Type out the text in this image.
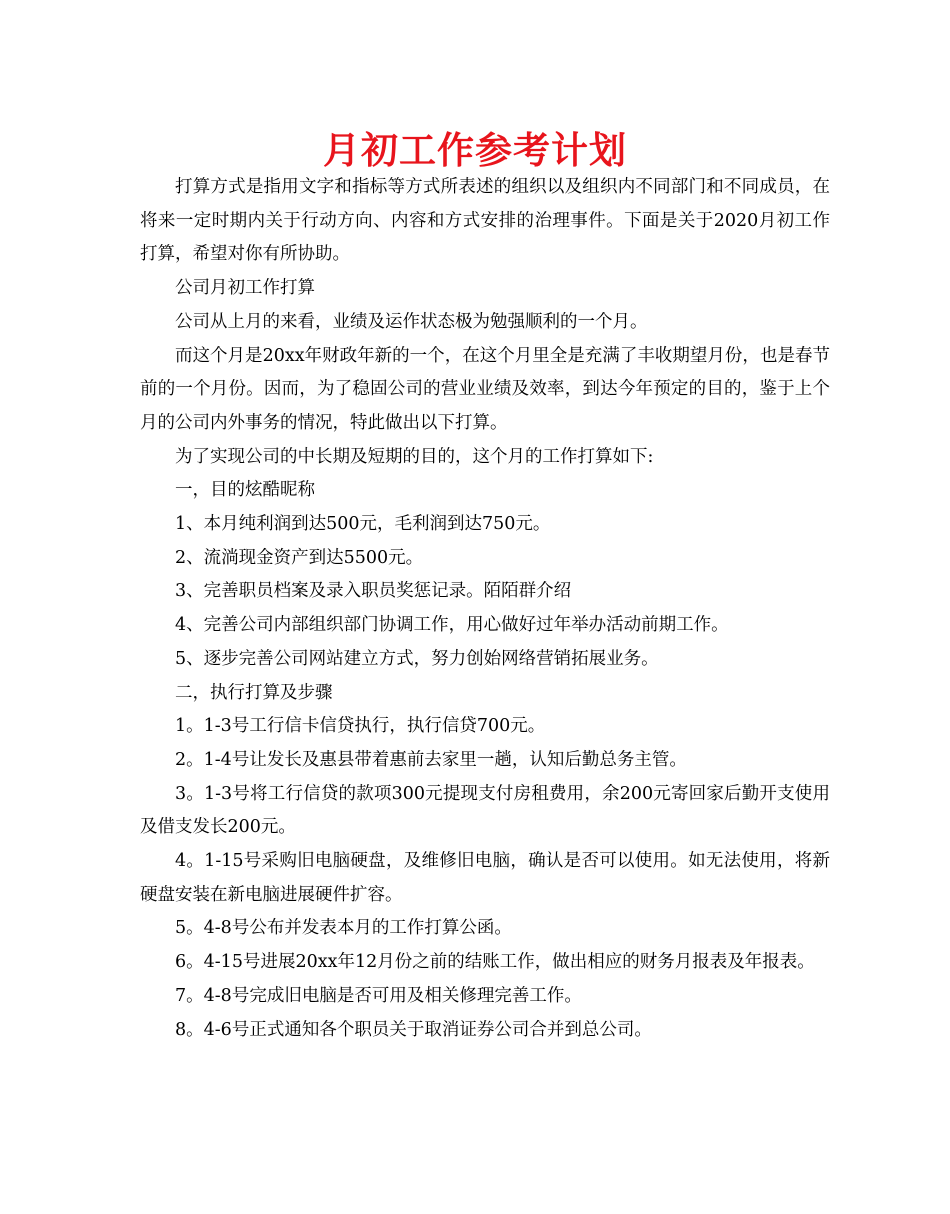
月初工作参考计划

打算方式是指用文字和指标等方式所表述的组织以及组织内不同部门和不同成员，在将来一定时期内关于行动方向、内容和方式安排的治理事件。下面是关于2020月初工作打算，希望对你有所协助。

公司月初工作打算

公司从上月的来看，业绩及运作状态极为勉强顺利的一个月。

而这个月是20xx年财政年新的一个，在这个月里全是充满了丰收期望月份，也是春节前的一个月份。因而，为了稳固公司的营业业绩及效率，到达今年预定的目的，鉴于上个月的公司内外事务的情况，特此做出以下打算。

为了实现公司的中长期及短期的目的，这个月的工作打算如下:

一，目的炫酷昵称

1、本月纯利润到达500元，毛利润到达750元。

2、流淌现金资产到达5500元。

3、完善职员档案及录入职员奖惩记录。陌陌群介绍

4、完善公司内部组织部门协调工作，用心做好过年举办活动前期工作。

5、逐步完善公司网站建立方式，努力创始网络营销拓展业务。

二，执行打算及步骤

1。1-3号工行信卡信贷执行，执行信贷700元。

2。1-4号让发长及惠县带着惠前去家里一趟，认知后勤总务主管。

3。1-3号将工行信贷的款项300元提现支付房租费用，余200元寄回家后勤开支使用及借支发长200元。

4。1-15号采购旧电脑硬盘，及维修旧电脑，确认是否可以使用。如无法使用，将新硬盘安装在新电脑进展硬件扩容。

5。4-8号公布并发表本月的工作打算公函。

6。4-15号进展20xx年12月份之前的结账工作，做出相应的财务月报表及年报表。

7。4-8号完成旧电脑是否可用及相关修理完善工作。

8。4-6号正式通知各个职员关于取消证券公司合并到总公司。
